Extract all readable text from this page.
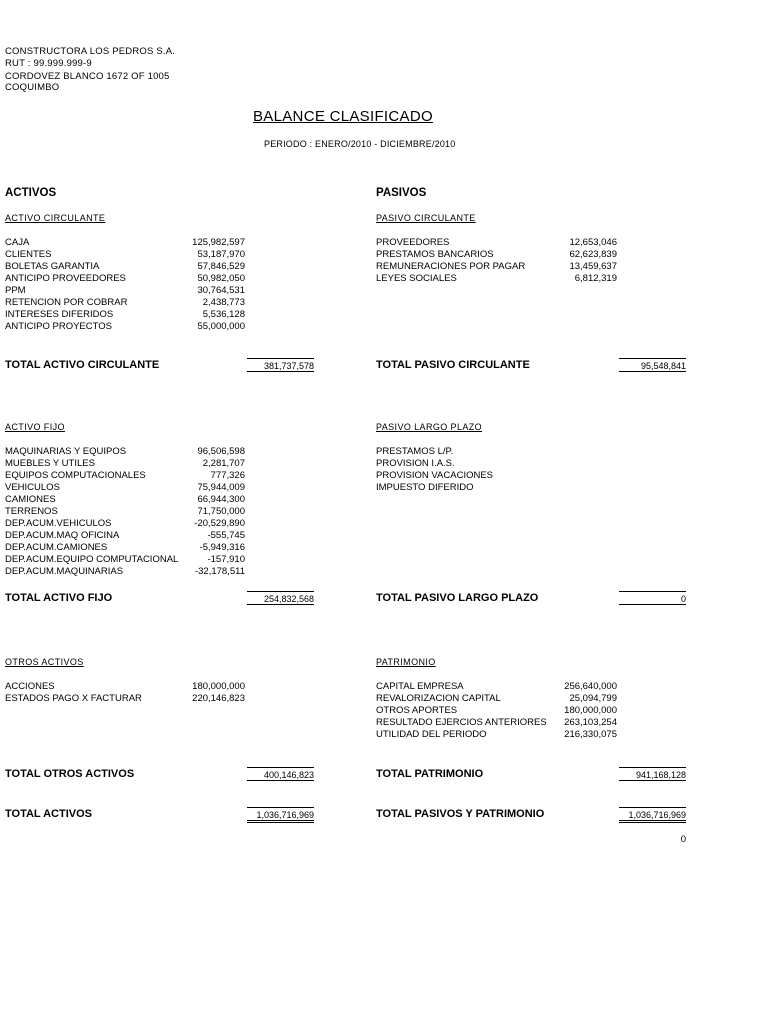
CONSTRUCTORA LOS PEDROS S.A.
RUT : 99.999.999-9
CORDOVEZ BLANCO 1672 OF 1005
COQUIMBO
BALANCE CLASIFICADO
PERIODO : ENERO/2010 - DICIEMBRE/2010
ACTIVOS
ACTIVO CIRCULANTE
CAJA	125,982,597
CLIENTES	53,187,970
BOLETAS GARANTIA	57,846,529
ANTICIPO PROVEEDORES	50,982,050
PPM	30,764,531
RETENCION POR COBRAR	2,438,773
INTERESES DIFERIDOS	5,536,128
ANTICIPO PROYECTOS	55,000,000
TOTAL ACTIVO CIRCULANTE	381,737,578
ACTIVO FIJO
MAQUINARIAS Y EQUIPOS	96,506,598
MUEBLES Y UTILES	2,281,707
EQUIPOS COMPUTACIONALES	777,326
VEHICULOS	75,944,009
CAMIONES	66,944,300
TERRENOS	71,750,000
DEP.ACUM.VEHICULOS	-20,529,890
DEP.ACUM.MAQ OFICINA	-555,745
DEP.ACUM.CAMIONES	-5,949,316
DEP.ACUM.EQUIPO COMPUTACIONAL	-157,910
DEP.ACUM.MAQUINARIAS	-32,178,511
TOTAL ACTIVO FIJO	254,832,568
OTROS ACTIVOS
ACCIONES	180,000,000
ESTADOS PAGO X FACTURAR	220,146,823
TOTAL OTROS ACTIVOS	400,146,823
TOTAL ACTIVOS	1,036,716,969
PASIVOS
PASIVO CIRCULANTE
PROVEEDORES	12,653,046
PRESTAMOS BANCARIOS	62,623,839
REMUNERACIONES POR PAGAR	13,459,637
LEYES SOCIALES	6,812,319
TOTAL PASIVO CIRCULANTE	95,548,841
PASIVO LARGO PLAZO
PRESTAMOS L/P.
PROVISION I.A.S.
PROVISION VACACIONES
IMPUESTO DIFERIDO
TOTAL PASIVO LARGO PLAZO	0
PATRIMONIO
CAPITAL EMPRESA	256,640,000
REVALORIZACION CAPITAL	25,094,799
OTROS APORTES	180,000,000
RESULTADO EJERCIOS ANTERIORES 263,103,254
UTILIDAD DEL PERIODO	216,330,075
TOTAL PATRIMONIO	941,168,128
TOTAL PASIVOS Y PATRIMONIO	1,036,716,969
0
